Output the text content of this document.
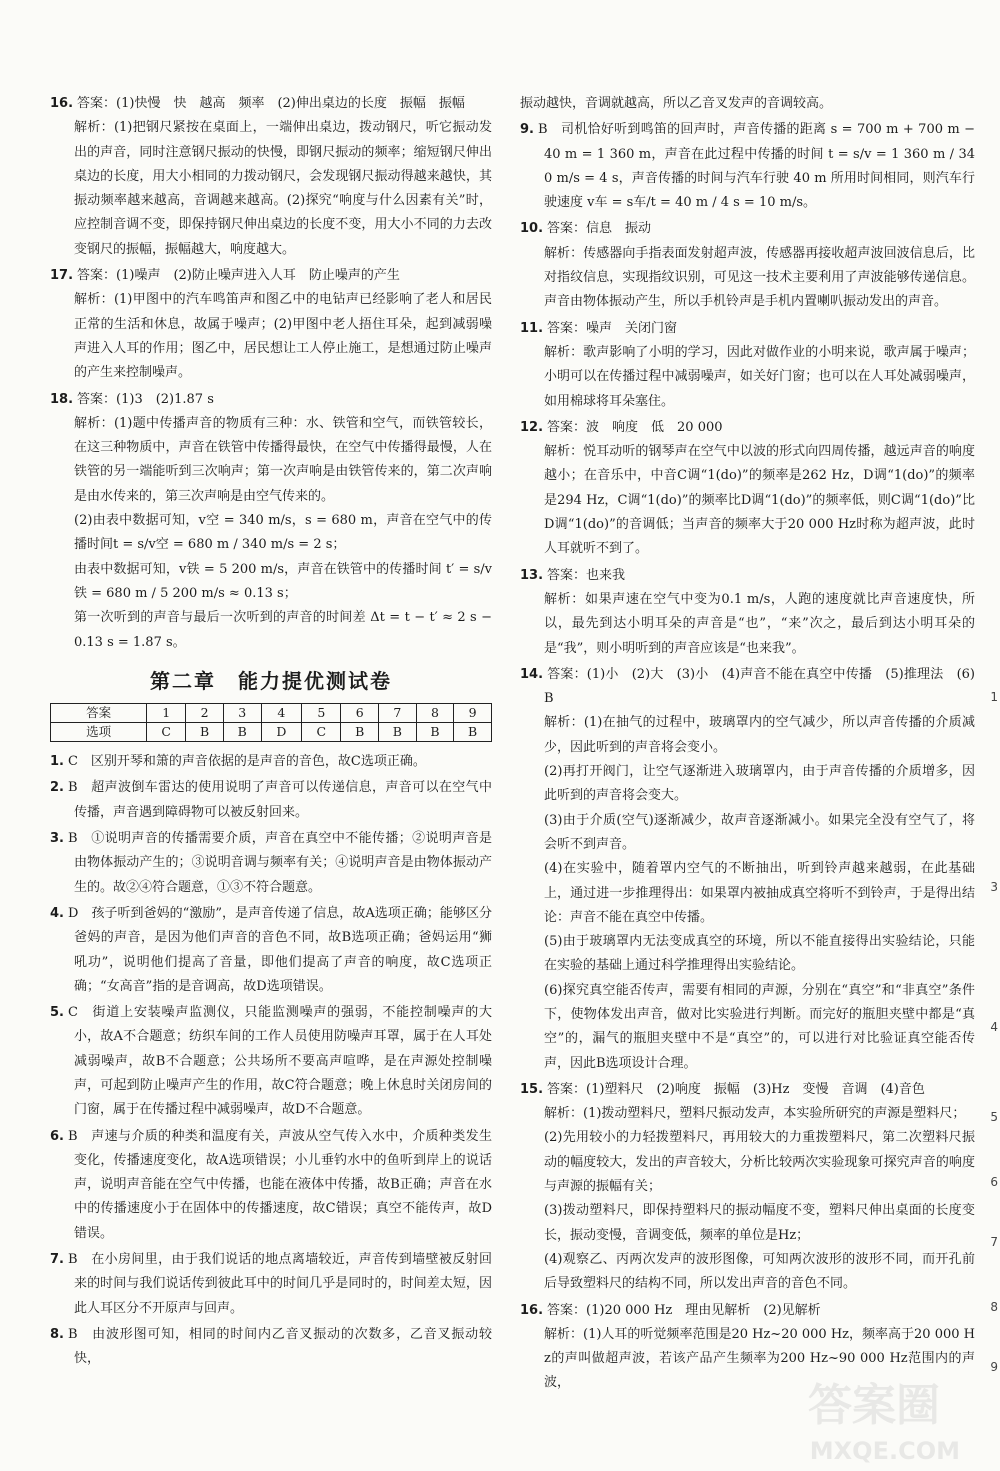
16. 答案：(1)快慢　快　越高　频率　(2)伸出桌边的长度　振幅　振幅
解析：(1)把钢尺紧按在桌面上，一端伸出桌边，拨动钢尺，听它振动发出的声音，同时注意钢尺振动的快慢，即钢尺振动的频率；缩短钢尺伸出桌边的长度，用大小相同的力拨动钢尺，会发现钢尺振动得越来越快，其振动频率越来越高，音调越来越高。(2)探究“响度与什么因素有关”时，应控制音调不变，即保持钢尺伸出桌边的长度不变，用大小不同的力去改变钢尺的振幅，振幅越大，响度越大。
17. 答案：(1)噪声　(2)防止噪声进入人耳　防止噪声的产生
解析：(1)甲图中的汽车鸣笛声和图乙中的电钻声已经影响了老人和居民正常的生活和休息，故属于噪声；(2)甲图中老人捂住耳朵，起到减弱噪声进入人耳的作用；图乙中，居民想让工人停止施工，是想通过防止噪声的产生来控制噪声。
18. 答案：(1)3　(2)1.87 s
解析：(1)题中传播声音的物质有三种：水、铁管和空气，而铁管较长，在这三种物质中，声音在铁管中传播得最快，在空气中传播得最慢，人在铁管的另一端能听到三次响声；第一次声响是由铁管传来的，第二次声响是由水传来的，第三次声响是由空气传来的。
(2)由表中数据可知，v空 = 340 m/s，s = 680 m，声音在空气中的传播时间t = s/v空 = 680 m / 340 m/s = 2 s；
由表中数据可知，v铁 = 5 200 m/s，声音在铁管中的传播时间 t′ = s/v铁 = 680 m / 5 200 m/s ≈ 0.13 s；
第一次听到的声音与最后一次听到的声音的时间差 Δt = t − t′ ≈ 2 s − 0.13 s = 1.87 s。
第二章　能力提优测试卷
答案	1	2	3	4	5	6	7	8	9
选项	C	B	B	D	C	B	B	B	B
1. C　区别开琴和箫的声音依据的是声音的音色，故C选项正确。
2. B　超声波倒车雷达的使用说明了声音可以传递信息，声音可以在空气中传播，声音遇到障碍物可以被反射回来。
3. B　①说明声音的传播需要介质，声音在真空中不能传播；②说明声音是由物体振动产生的；③说明音调与频率有关；④说明声音是由物体振动产生的。故②④符合题意，①③不符合题意。
4. D　孩子听到爸妈的“激励”，是声音传递了信息，故A选项正确；能够区分爸妈的声音，是因为他们声音的音色不同，故B选项正确；爸妈运用“狮吼功”，说明他们提高了音量，即他们提高了声音的响度，故C选项正确；“女高音”指的是音调高，故D选项错误。
5. C　街道上安装噪声监测仪，只能监测噪声的强弱，不能控制噪声的大小，故A不合题意；纺织车间的工作人员使用防噪声耳罩，属于在人耳处减弱噪声，故B不合题意；公共场所不要高声喧哗，是在声源处控制噪声，可起到防止噪声产生的作用，故C符合题意；晚上休息时关闭房间的门窗，属于在传播过程中减弱噪声，故D不合题意。
6. B　声速与介质的种类和温度有关，声波从空气传入水中，介质种类发生变化，传播速度变化，故A选项错误；小儿垂钓水中的鱼听到岸上的说话声，说明声音能在空气中传播，也能在液体中传播，故B正确；声音在水中的传播速度小于在固体中的传播速度，故C错误；真空不能传声，故D错误。
7. B　在小房间里，由于我们说话的地点离墙较近，声音传到墙壁被反射回来的时间与我们说话传到彼此耳中的时间几乎是同时的，时间差太短，因此人耳区分不开原声与回声。
8. B　由波形图可知，相同的时间内乙音叉振动的次数多，乙音叉振动较快，
振动越快，音调就越高，所以乙音叉发声的音调较高。
9. B　司机恰好听到鸣笛的回声时，声音传播的距离 s = 700 m + 700 m − 40 m = 1 360 m，声音在此过程中传播的时间 t = s/v = 1 360 m / 340 m/s = 4 s，声音传播的时间与汽车行驶 40 m 所用时间相同，则汽车行驶速度 v车 = s车/t = 40 m / 4 s = 10 m/s。
10. 答案：信息　振动
解析：传感器向手指表面发射超声波，传感器再接收超声波回波信息后，比对指纹信息，实现指纹识别，可见这一技术主要利用了声波能够传递信息。声音由物体振动产生，所以手机铃声是手机内置喇叭振动发出的声音。
11. 答案：噪声　关闭门窗
解析：歌声影响了小明的学习，因此对做作业的小明来说，歌声属于噪声；小明可以在传播过程中减弱噪声，如关好门窗；也可以在人耳处减弱噪声，如用棉球将耳朵塞住。
12. 答案：波　响度　低　20 000
解析：悦耳动听的钢琴声在空气中以波的形式向四周传播，越远声音的响度越小；在音乐中，中音C调“1(do)”的频率是262 Hz，D调“1(do)”的频率是294 Hz，C调“1(do)”的频率比D调“1(do)”的频率低，则C调“1(do)”比D调“1(do)”的音调低；当声音的频率大于20 000 Hz时称为超声波，此时人耳就听不到了。
13. 答案：也来我
解析：如果声速在空气中变为0.1 m/s，人跑的速度就比声音速度快，所以，最先到达小明耳朵的声音是“也”，“来”次之，最后到达小明耳朵的是“我”，则小明听到的声音应该是“也来我”。
14. 答案：(1)小　(2)大　(3)小　(4)声音不能在真空中传播　(5)推理法　(6)B
解析：(1)在抽气的过程中，玻璃罩内的空气减少，所以声音传播的介质减少，因此听到的声音将会变小。
(2)再打开阀门，让空气逐渐进入玻璃罩内，由于声音传播的介质增多，因此听到的声音将会变大。
(3)由于介质(空气)逐渐减少，故声音逐渐减小。如果完全没有空气了，将会听不到声音。
(4)在实验中，随着罩内空气的不断抽出，听到铃声越来越弱，在此基础上，通过进一步推理得出：如果罩内被抽成真空将听不到铃声，于是得出结论：声音不能在真空中传播。
(5)由于玻璃罩内无法变成真空的环境，所以不能直接得出实验结论，只能在实验的基础上通过科学推理得出实验结论。
(6)探究真空能否传声，需要有相同的声源，分别在“真空”和“非真空”条件下，使物体发出声音，做对比实验进行判断。而完好的瓶胆夹壁中都是“真空”的，漏气的瓶胆夹壁中不是“真空”的，可以进行对比验证真空能否传声，因此B选项设计合理。
15. 答案：(1)塑料尺　(2)响度　振幅　(3)Hz　变慢　音调　(4)音色
解析：(1)拨动塑料尺，塑料尺振动发声，本实验所研究的声源是塑料尺；
(2)先用较小的力轻拨塑料尺，再用较大的力重拨塑料尺，第二次塑料尺振动的幅度较大，发出的声音较大，分析比较两次实验现象可探究声音的响度与声源的振幅有关；
(3)拨动塑料尺，即保持塑料尺的振动幅度不变，塑料尺伸出桌面的长度变长，振动变慢，音调变低，频率的单位是Hz；
(4)观察乙、丙两次发声的波形图像，可知两次波形的波形不同，而开孔前后导致塑料尺的结构不同，所以发出声音的音色不同。
16. 答案：(1)20 000 Hz　理由见解析　(2)见解析
解析：(1)人耳的听觉频率范围是20 Hz~20 000 Hz，频率高于20 000 Hz的声叫做超声波，若该产品产生频率为200 Hz~90 000 Hz范围内的声波，	答案圈
MXQE.COM
1
3
4
5
6
7
8
9
